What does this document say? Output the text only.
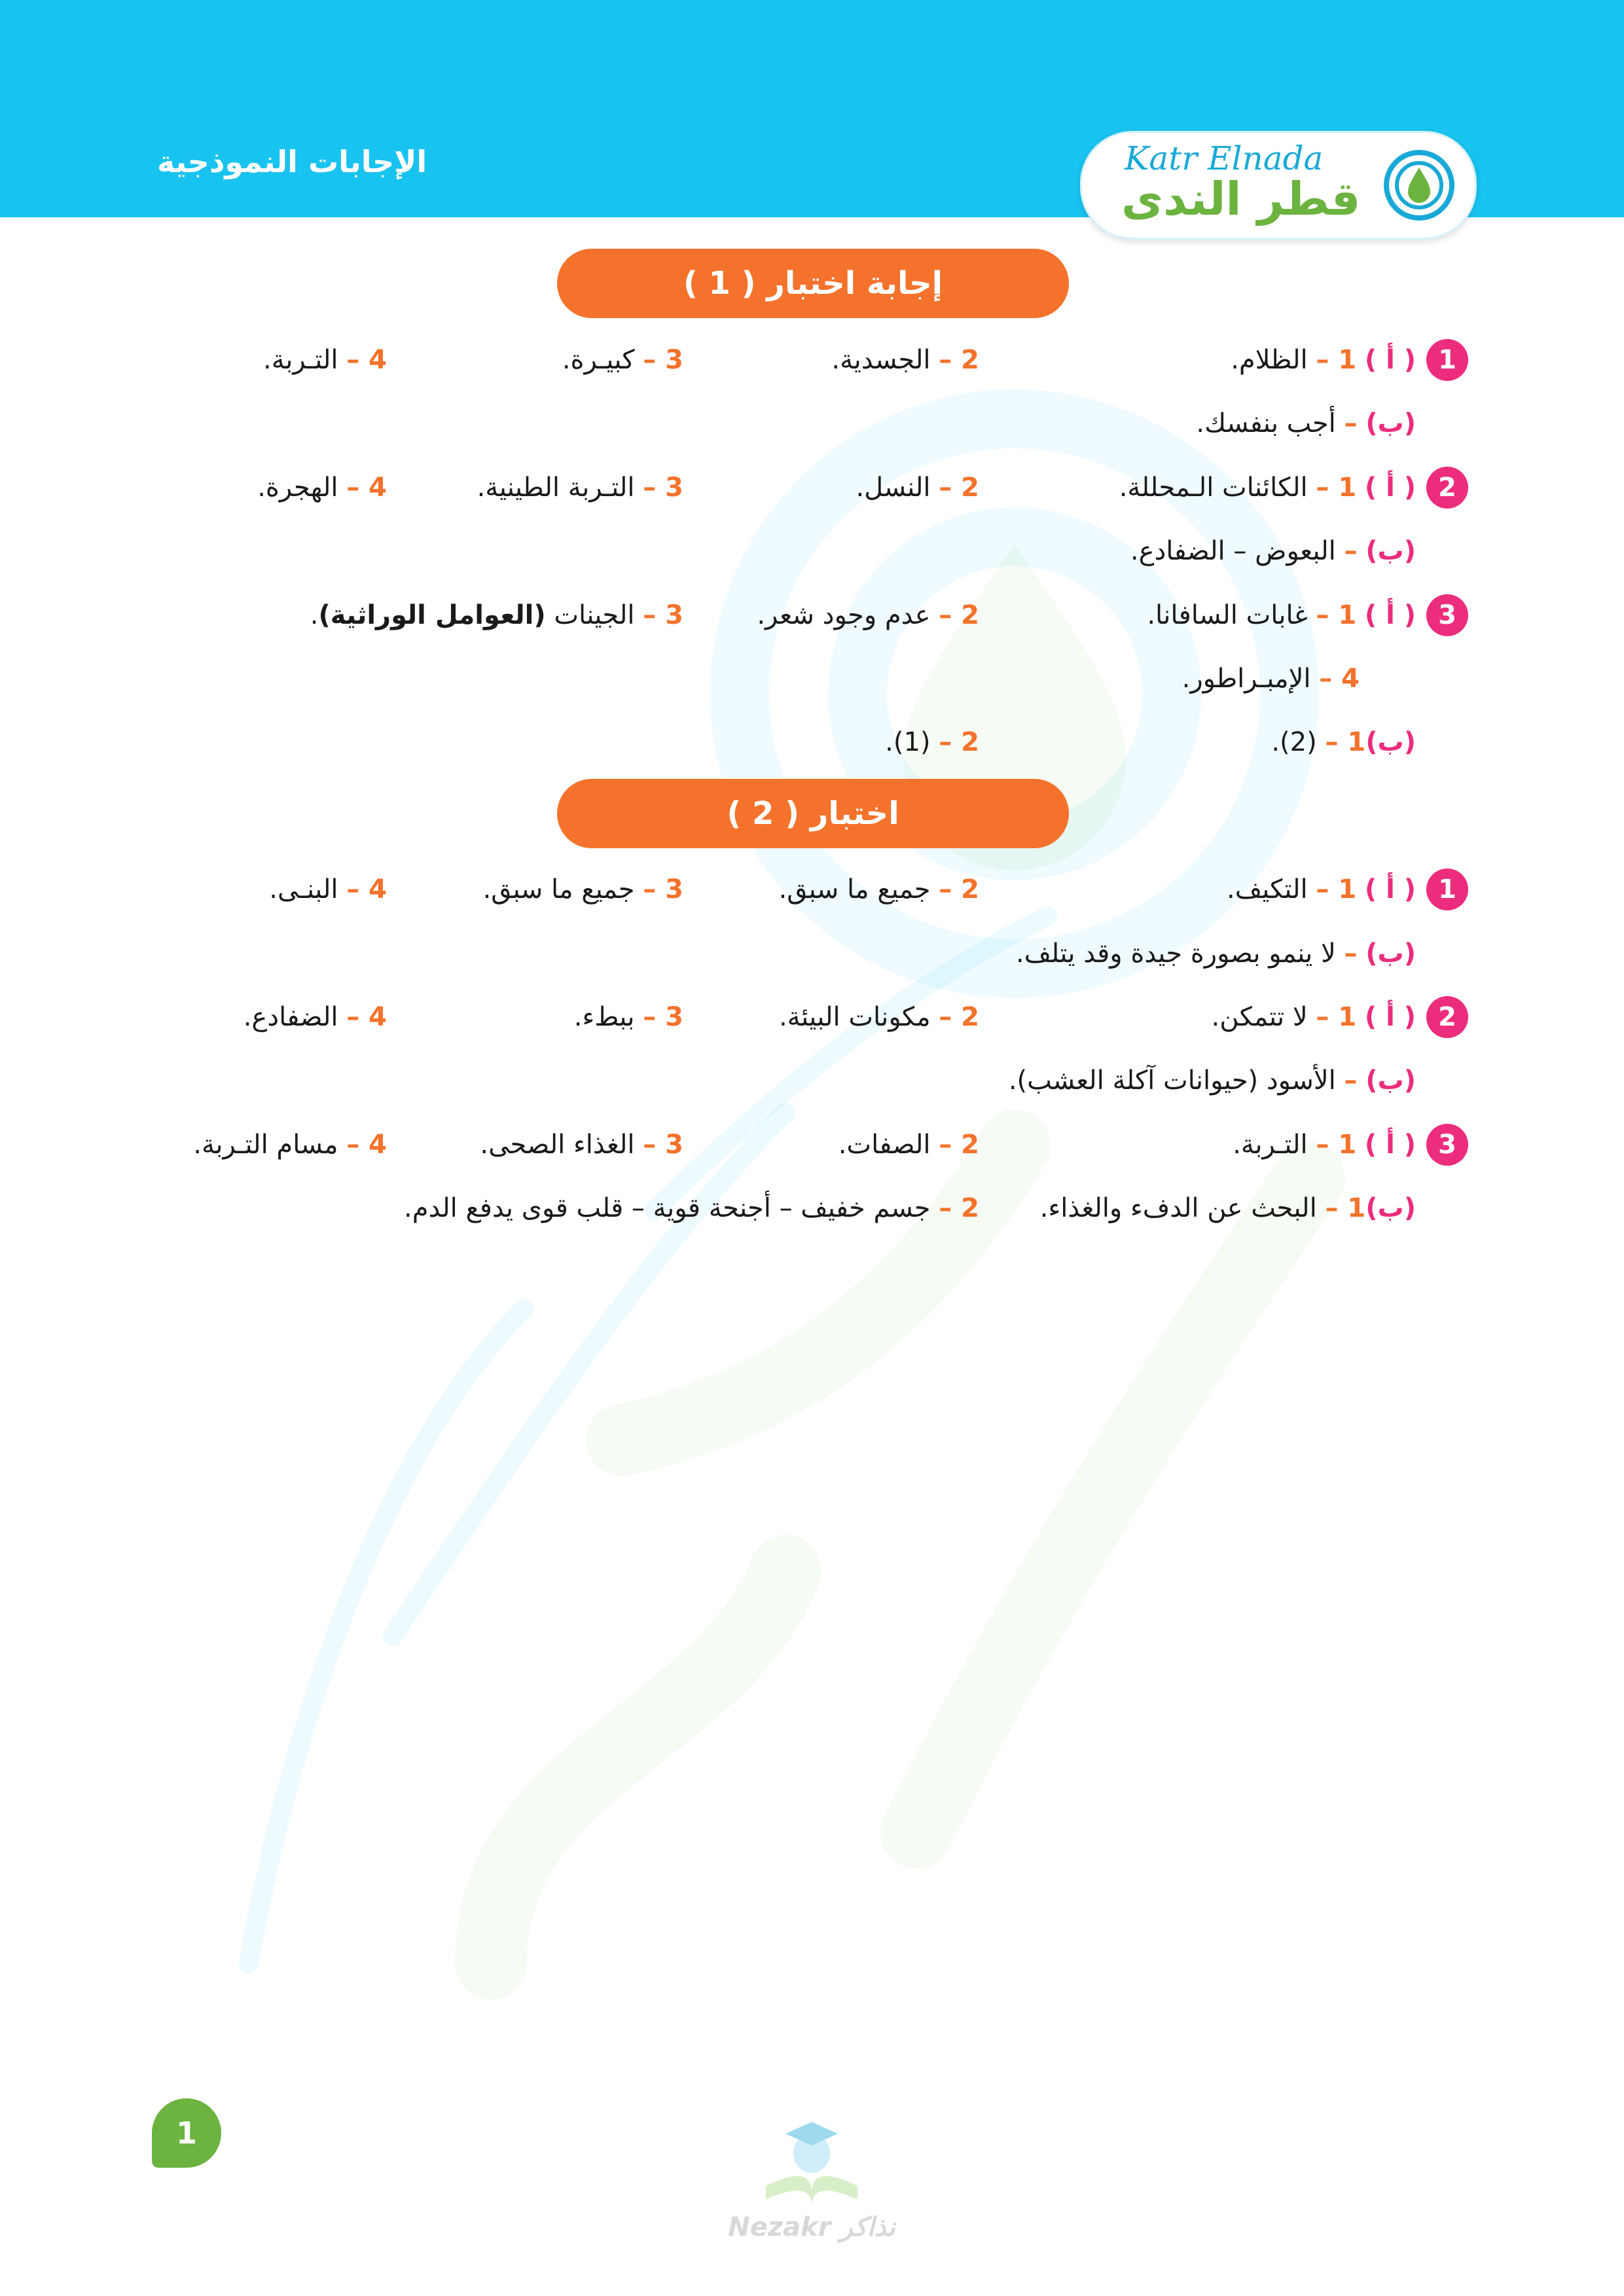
الإجابات النموذجية	Katr Elnada
قطر الندى
إجابة اختبار ( 1 )
1
( أ ) 1 – الظلام.
2 – الجسدية.
3 – كبيـرة.
4 – التـربة.
(ب) – أجب بنفسك.
2
( أ ) 1 – الكائنات الـمحللة.
2 – النسل.
3 – التـربة الطينية.
4 – الهجرة.
(ب) – البعوض – الضفادع.
3
( أ ) 1 – غابات السافانا.
2 – عدم وجود شعر.
3 – الجينات (العوامل الوراثية).
4 – الإمبـراطور.
(ب)1 – (2).
2 – (1).
اختبار ( 2 )
1
( أ ) 1 – التكيف.
2 – جميع ما سبق.
3 – جميع ما سبق.
4 – البنـى.
(ب) – لا ينمو بصورة جيدة وقد يتلف.
2
( أ ) 1 – لا تتمكن.
2 – مكونات البيئة.
3 – ببطء.
4 – الضفادع.
(ب) – الأسود (حيوانات آكلة العشب).
3
( أ ) 1 – التـربة.
2 – الصفات.
3 – الغذاء الصحى.
4 – مسام التـربة.
(ب)1 – البحث عن الدفء والغذاء.
2 – جسم خفيف – أجنحة قوية – قلب قوى يدفع الدم.
1
Nezakr نذاكر
